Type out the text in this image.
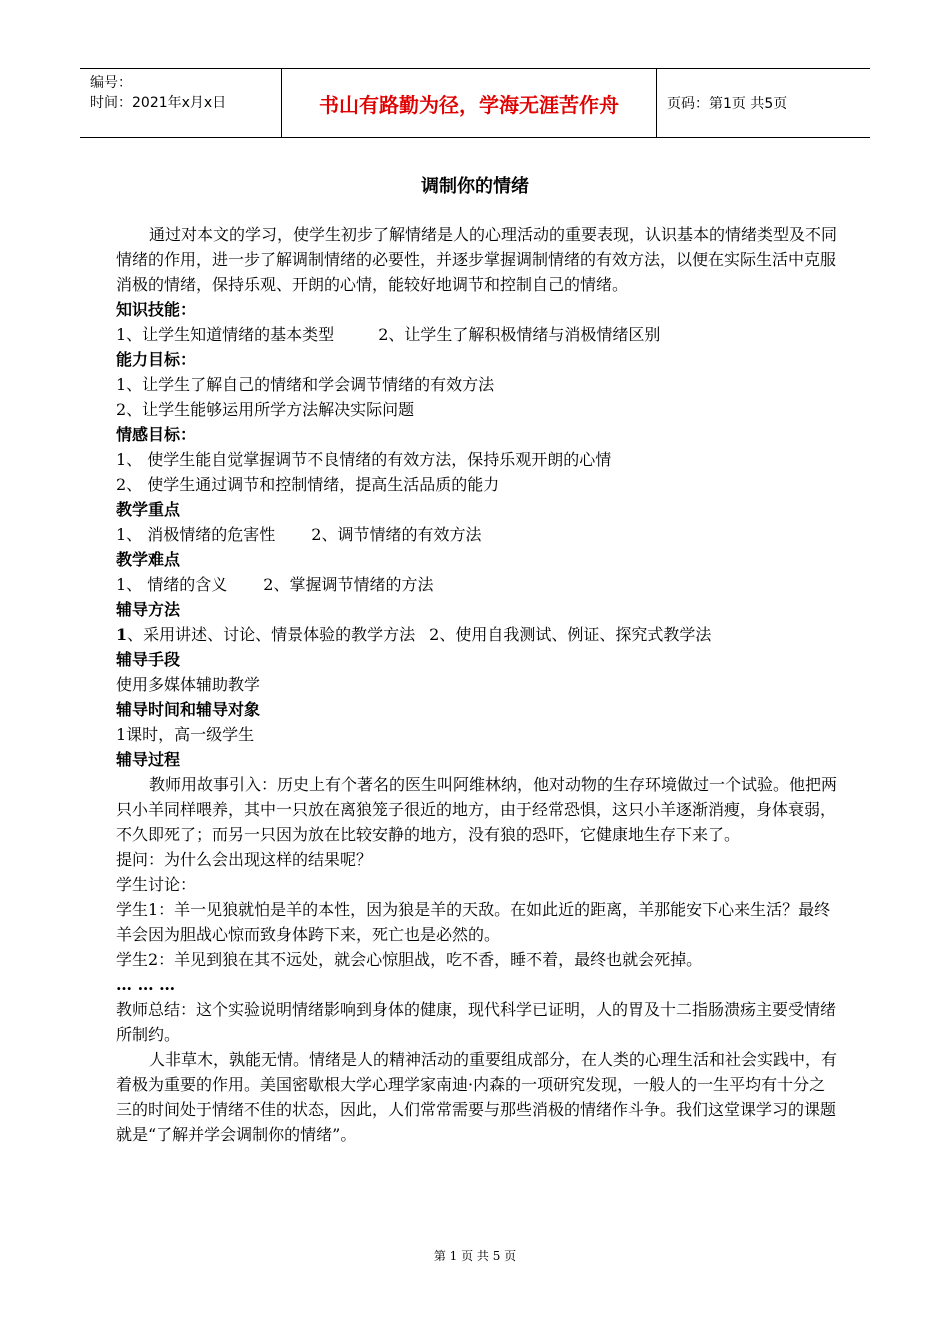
编号：
时间：2021年x月x日	书山有路勤为径，学海无涯苦作舟	页码：第1页 共5页
调制你的情绪

通过对本文的学习，使学生初步了解情绪是人的心理活动的重要表现，认识基本的情绪类型及不同情绪的作用，进一步了解调制情绪的必要性，并逐步掌握调制情绪的有效方法，以便在实际生活中克服消极的情绪，保持乐观、开朗的心情，能较好地调节和控制自己的情绪。

知识技能：

1、让学生知道情绪的基本类型	2、让学生了解积极情绪与消极情绪区别

能力目标：

1、让学生了解自己的情绪和学会调节情绪的有效方法

2、让学生能够运用所学方法解决实际问题

情感目标：

1、 使学生能自觉掌握调节不良情绪的有效方法，保持乐观开朗的心情

2、 使学生通过调节和控制情绪，提高生活品质的能力

教学重点

1、 消极情绪的危害性 2、调节情绪的有效方法

教学难点

1、 情绪的含义 2、掌握调节情绪的方法

辅导方法

1、采用讲述、讨论、情景体验的教学方法 2、使用自我测试、例证、探究式教学法

辅导手段

使用多媒体辅助教学

辅导时间和辅导对象

1课时，高一级学生

辅导过程

教师用故事引入：历史上有个著名的医生叫阿维林纳，他对动物的生存环境做过一个试验。他把两只小羊同样喂养，其中一只放在离狼笼子很近的地方，由于经常恐惧，这只小羊逐渐消瘦，身体衰弱，不久即死了；而另一只因为放在比较安静的地方，没有狼的恐吓，它健康地生存下来了。

提问：为什么会出现这样的结果呢？

学生讨论：

学生1：羊一见狼就怕是羊的本性，因为狼是羊的天敌。在如此近的距离，羊那能安下心来生活？最终羊会因为胆战心惊而致身体跨下来，死亡也是必然的。

学生2：羊见到狼在其不远处，就会心惊胆战，吃不香，睡不着，最终也就会死掉。

… … …

教师总结：这个实验说明情绪影响到身体的健康，现代科学已证明，人的胃及十二指肠溃疡主要受情绪所制约。

人非草木，孰能无情。情绪是人的精神活动的重要组成部分，在人类的心理生活和社会实践中，有着极为重要的作用。美国密歇根大学心理学家南迪·内森的一项研究发现，一般人的一生平均有十分之三的时间处于情绪不佳的状态，因此，人们常常需要与那些消极的情绪作斗争。我们这堂课学习的课题就是“了解并学会调制你的情绪”。

第 1 页 共 5 页
